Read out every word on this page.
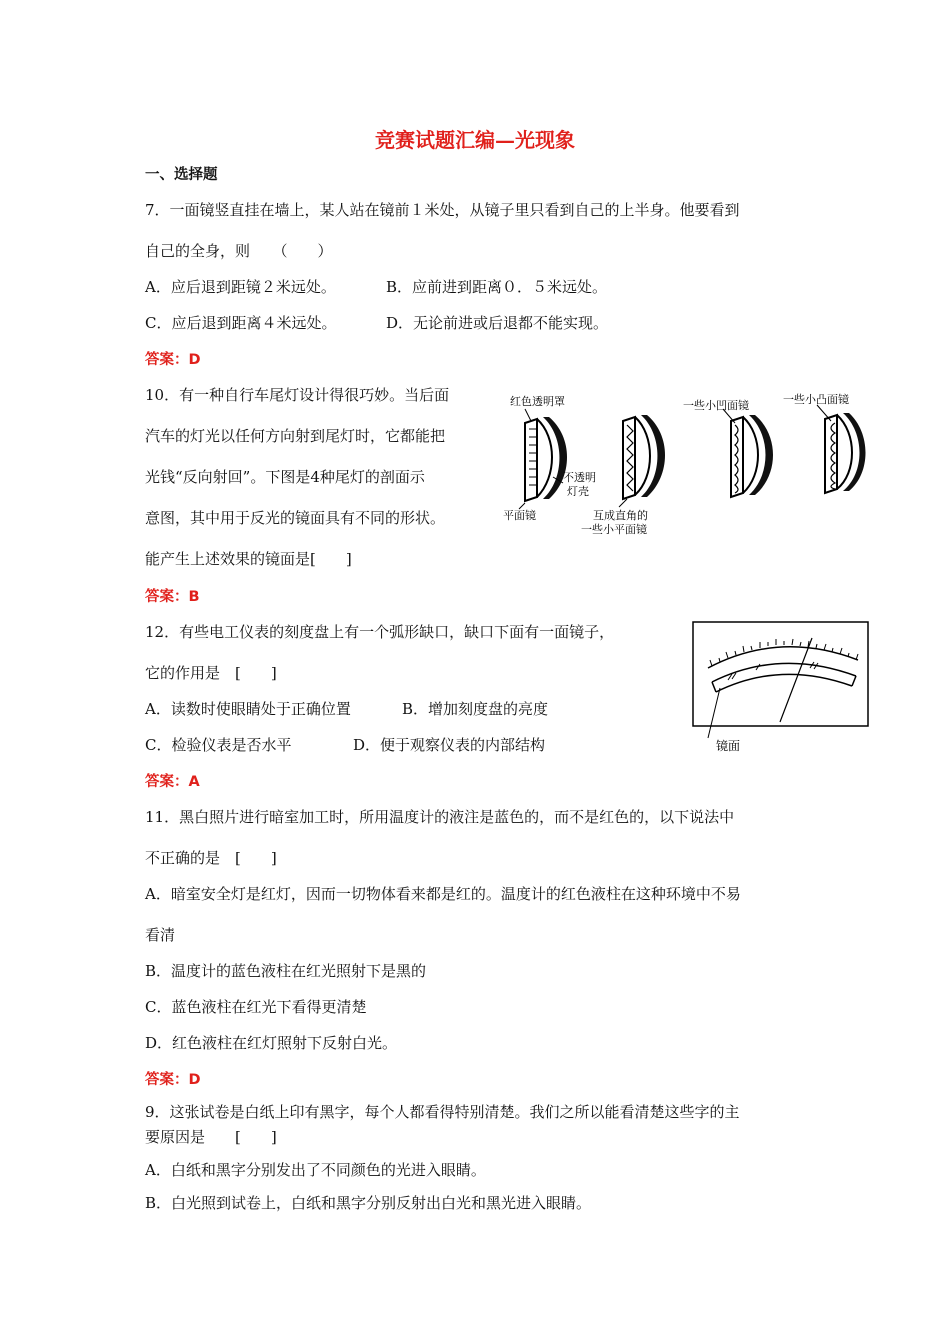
竞赛试题汇编—光现象
一、选择题
7．一面镜竖直挂在墙上，某人站在镜前１米处，从镜子里只看到自己的上半身。他要看到
自己的全身，则　　（　　）
A．应后退到距镜２米远处。	B．应前进到距离０．５米远处。
C．应后退到距离４米远处。	D．无论前进或后退都不能实现。
答案：D
10．有一种自行车尾灯设计得很巧妙。当后面
汽车的灯光以任何方向射到尾灯时，它都能把
光钱“反向射回”。下图是4种尾灯的剖面示
意图，其中用于反光的镜面具有不同的形状。
能产生上述效果的镜面是[　　]
答案：B
红色透明罩
不透明
灯壳
平面镜	互成直角的
一些小平面镜
一些小凹面镜	一些小凸面镜
12．有些电工仪表的刻度盘上有一个弧形缺口，缺口下面有一面镜子，
它的作用是　[　　]
A．读数时使眼睛处于正确位置	B．增加刻度盘的亮度
C．检验仪表是否水平	D．便于观察仪表的内部结构
答案：A
镜面
11．黑白照片进行暗室加工时，所用温度计的液注是蓝色的，而不是红色的，以下说法中
不正确的是　[　　]
A．暗室安全灯是红灯，因而一切物体看来都是红的。温度计的红色液柱在这种环境中不易
看清
B．温度计的蓝色液柱在红光照射下是黑的
C．蓝色液柱在红光下看得更清楚
D．红色液柱在红灯照射下反射白光。
答案：D
9．这张试卷是白纸上印有黑字，每个人都看得特别清楚。我们之所以能看清楚这些字的主
要原因是　　[　　]
A．白纸和黑字分别发出了不同颜色的光进入眼睛。
B．白光照到试卷上，白纸和黑字分别反射出白光和黑光进入眼睛。
